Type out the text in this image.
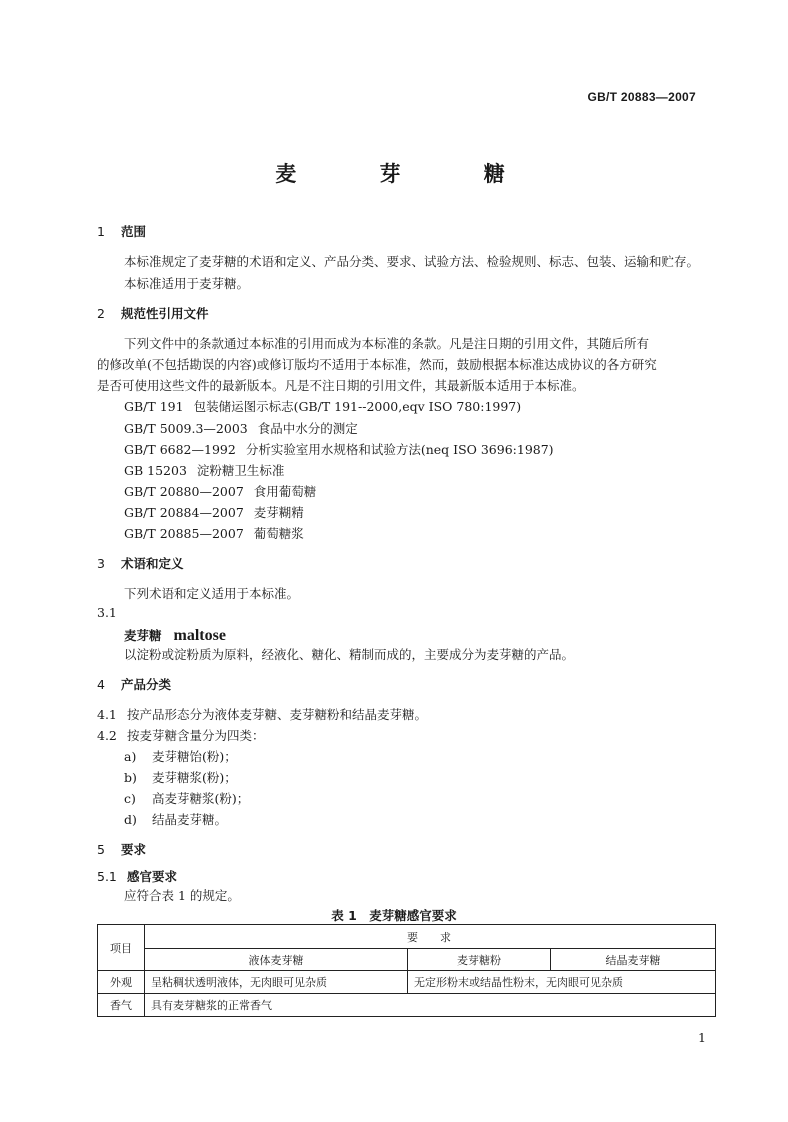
GB/T 20883—2007
麦 芽 糖
1 范围
本标准规定了麦芽糖的术语和定义、产品分类、要求、试验方法、检验规则、标志、包装、运输和贮存。
本标准适用于麦芽糖。
2 规范性引用文件
下列文件中的条款通过本标准的引用而成为本标准的条款。凡是注日期的引用文件，其随后所有
的修改单(不包括勘误的内容)或修订版均不适用于本标准，然而，鼓励根据本标准达成协议的各方研究
是否可使用这些文件的最新版本。凡是不注日期的引用文件，其最新版本适用于本标准。
GB/T 191 包装储运图示标志(GB/T 191--2000,eqv ISO 780:1997)
GB/T 5009.3—2003 食品中水分的测定
GB/T 6682—1992 分析实验室用水规格和试验方法(neq ISO 3696:1987)
GB 15203 淀粉糖卫生标准
GB/T 20880—2007 食用葡萄糖
GB/T 20884—2007 麦芽糊精
GB/T 20885—2007 葡萄糖浆
3 术语和定义
下列术语和定义适用于本标准。
3.1
麦芽糖 maltose
以淀粉或淀粉质为原料，经液化、糖化、精制而成的，主要成分为麦芽糖的产品。
4 产品分类
4.1 按产品形态分为液体麦芽糖、麦芽糖粉和结晶麦芽糖。
4.2 按麦芽糖含量分为四类：
a) 麦芽糖饴(粉)；
b) 麦芽糖浆(粉)；
c) 高麦芽糖浆(粉)；
d) 结晶麦芽糖。
5 要求
5.1 感官要求
应符合表 1 的规定。
表 1　麦芽糖感官要求
项目	要求		
	液体麦芽糖	麦芽糖粉	结晶麦芽糖
外观	呈粘稠状透明液体，无肉眼可见杂质	无定形粉末或结晶性粉末，无肉眼可见杂质	
香气	具有麦芽糖浆的正常香气		
1
